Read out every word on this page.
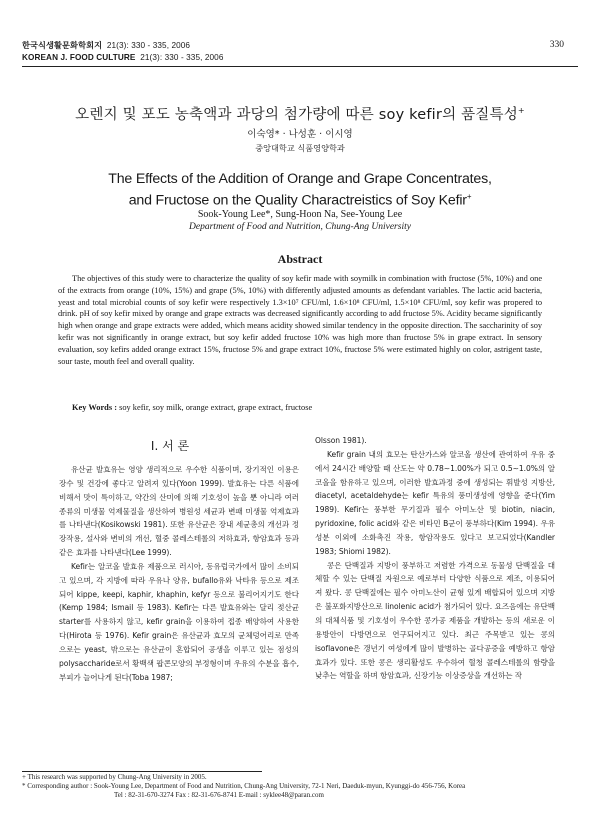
한국식생활문화학회지 21(3): 330 - 335, 2006
KOREAN J. FOOD CULTURE 21(3): 330 - 335, 2006
330
오렌지 및 포도 농축액과 과당의 첨가량에 따른 soy kefir의 품질특성+
이숙영* · 나성훈 · 이시영
중앙대학교 식품영양학과
The Effects of the Addition of Orange and Grape Concentrates,
and Fructose on the Quality Charactreistics of Soy Kefir+
Sook-Young Lee*, Sung-Hoon Na, See-Young Lee
Department of Food and Nutrition, Chung-Ang University
Abstract
The objectives of this study were to characterize the quality of soy kefir made with soymilk in combination with fructose (5%, 10%) and one of the extracts from orange (10%, 15%) and grape (5%, 10%) with differently adjusted amounts as defendant variables. The lactic acid bacteria, yeast and total microbial counts of soy kefir were respectively 1.3×10⁷ CFU/ml, 1.6×10⁸ CFU/ml, 1.5×10⁸ CFU/ml, soy kefir was propered to drink. pH of soy kefir mixed by orange and grape extracts was decreased significantly according to add fructose 5%. Acidity became significantly high when orange and grape extracts were added, which means acidity showed similar tendency in the opposite direction. The saccharinity of soy kefir was not significantly in orange extract, but soy kefir added fructose 10% was high more than fructose 5% in grape extract. In sensory evaluation, soy kefirs added orange extract 15%, fructose 5% and grape extract 10%, fructose 5% were estimated highly on color, astrigent taste, sour taste, mouth feel and overall quality.
Key Words : soy kefir, soy milk, orange extract, grape extract, fructose
I. 서 론

유산균 발효유는 영양 생리적으로 우수한 식품이며, 장기적인 이용은 장수 및 건강에 좋다고 알려져 있다(Yoon 1999). 발효유는 다른 식품에 비해서 맛이 특이하고, 약간의 산미에 의해 기호성이 높을 뿐 아니라 여러 종류의 미생물 억제물질을 생산하여 병원성 세균과 변패 미생물 억제효과를 나타낸다(Kosikowski 1981). 또한 유산균은 장내 세균총의 개선과 정장작용, 설사와 변비의 개선, 혈중 콜레스테롤의 저하효과, 항암효과 등과 같은 효과를 나타낸다(Lee 1999).

Kefir는 알코올 발효유 제품으로 러시아, 동유럽국가에서 많이 소비되고 있으며, 각 지방에 따라 우유나 양유, bufallo유와 낙타유 등으로 제조되어 kippe, keepi, kaphir, khaphin, kefyr 등으로 불리어지기도 한다(Kemp 1984; Ismail 등 1983). Kefir는 다른 발효유와는 달리 젖산균 starter를 사용하지 않고, kefir grain을 이용하여 접종 배양하여 사용한다(Hirota 등 1976). Kefir grain은 유산균과 효모의 균체덩어리로 만족으로는 yeast, 밖으로는 유산균이 혼합되어 공생을 이루고 있는 점성의 polysaccharide로서 황백색 팝콘모양의 부정형이며 우유의 수분을 흡수, 부피가 늘어나게 된다(Toba 1987;

Olsson 1981).

Kefir grain 내의 효모는 탄산가스와 알코올 생산에 관여하여 우유 중에서 24시간 배양할 때 산도는 약 0.78∼1.00%가 되고 0.5∼1.0%의 알코올을 함유하고 있으며, 이러한 발효과정 중에 생성되는 휘발성 지방산, diacetyl, acetaldehyde는 kefir 특유의 풍미생성에 영향을 준다(Yim 1989). Kefir는 풍부한 무기질과 필수 아미노산 및 biotin, niacin, pyridoxine, folic acid와 같은 비타민 B군이 풍부하다(Kim 1994). 우유 성분 이외에 소화촉진 작용, 항암작용도 있다고 보고되었다(Kandler 1983; Shiomi 1982).

콩은 단백질과 지방이 풍부하고 저렴한 가격으로 동물성 단백질을 대체할 수 있는 단백질 자원으로 예로부터 다양한 식품으로 제조, 이용되어져 왔다. 콩 단백질에는 필수 아미노산이 균형 있게 배합되어 있으며 지방은 불포화지방산으로 linolenic acid가 첨가되어 있다. 요즈음에는 유단백의 대체식품 및 기호성이 우수한 콩가공 제품을 개발하는 등의 새로운 이용방안이 다방면으로 연구되어지고 있다. 최근 주목받고 있는 콩의 isoflavone은 갱년기 여성에게 많이 발병하는 골다공증을 예방하고 항암효과가 있다. 또한 콩은 생리활성도 우수하여 혈청 콜레스테롤의 함량을 낮추는 역할을 하며 항암효과, 신장기능 이상증상을 개선하는 작

+ This research was supported by Chung-Ang University in 2005.
* Corresponding author : Sook-Young Lee, Department of Food and Nutrition, Chung-Ang University, 72-1 Neri, Daeduk-myun, Kyunggi-do 456-756, Korea
Tel : 82-31-670-3274 Fax : 82-31-676-8741 E-mail : syklee48@paran.com
